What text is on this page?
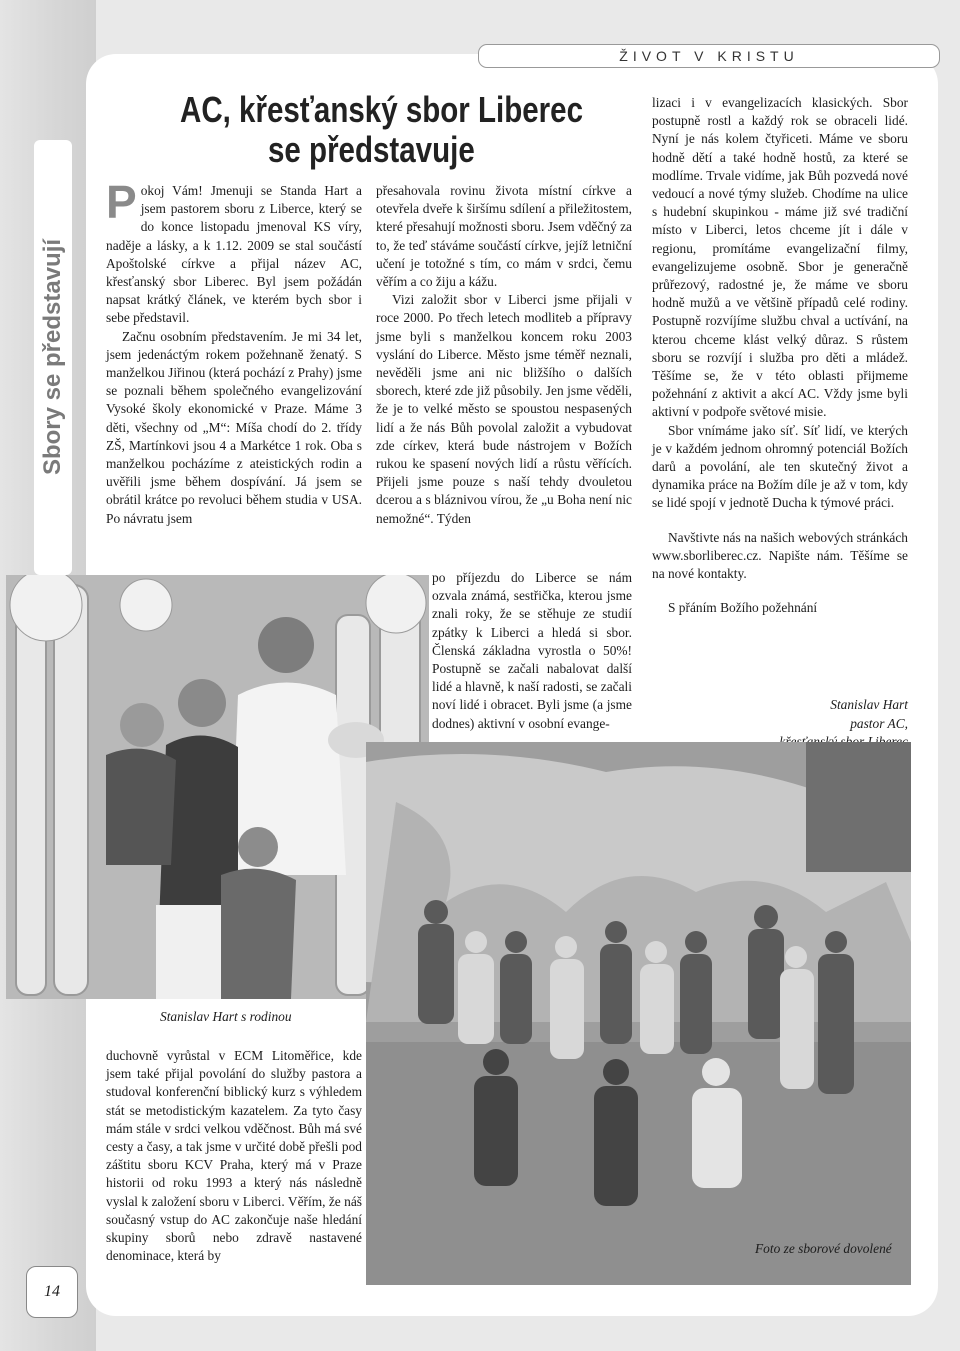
Sbory se představují
ŽIVOT V KRISTU
AC, křesťanský sbor Liberec
se představuje

Pokoj Vám! Jmenuji se Standa Hart a jsem pastorem sboru z Liberce, který se do konce listopadu jmenoval KS víry, naděje a lásky, a k 1.12. 2009 se stal součástí Apoštolské církve a přijal název AC, křesťanský sbor Liberec. Byl jsem požádán napsat krátký článek, ve kterém bych sbor i sebe představil.

Začnu osobním představením. Je mi 34 let, jsem jedenáctým rokem požehnaně ženatý. S manželkou Jiřinou (která pochází z Prahy) jsme se poznali během společného evangelizování Vysoké školy ekonomické v Praze. Máme 3 děti, všechny od „M“: Míša chodí do 2. třídy ZŠ, Martínkovi jsou 4 a Markétce 1 rok. Oba s manželkou pocházíme z ateistických rodin a uvěřili jsme během dospívání. Já jsem se obrátil krátce po revoluci během studia v USA. Po návratu jsem

přesahovala rovinu života místní církve a otevřela dveře k širšímu sdílení a přiležitostem, které přesahují možnosti sboru. Jsem vděčný za to, že teď stáváme součástí církve, jejíž letniční učení je totožné s tím, co mám v srdci, čemu věřím a co žiju a kážu.

Vizi založit sbor v Liberci jsme přijali v roce 2000. Po třech letech modliteb a přípravy jsme byli s manželkou koncem roku 2003 vyslání do Liberce. Město jsme téměř neznali, nevěděli jsme ani nic bližšího o dalších sborech, které zde již působily. Jen jsme věděli, že je to velké město se spoustou nespasených lidí a že nás Bůh povolal založit a vybudovat zde církev, která bude nástrojem v Božích rukou ke spasení nových lidí a růstu věřících. Přijeli jsme pouze s naší tehdy dvouletou dcerou a s bláznivou vírou, že „u Boha není nic nemožné“. Týden

po příjezdu do Liberce se nám ozvala známá, sestřička, kterou jsme znali roky, že se stěhuje ze studií zpátky k Liberci a hledá si sbor. Členská základna vyrostla o 50%! Postupně se začali nabalovat další lidé a hlavně, k naší radosti, se začali noví lidé i obracet. Byli jsme (a jsme dodnes) aktivní v osobní evange-

lizaci i v evangelizacích klasických. Sbor postupně rostl a každý rok se obraceli lidé. Nyní je nás kolem čtyřiceti. Máme ve sboru hodně dětí a také hodně hostů, za které se modlíme. Trvale vidíme, jak Bůh pozvedá nové vedoucí a nové týmy služeb. Chodíme na ulice s hudební skupinkou - máme již své tradiční místo v Liberci, letos chceme jít i dále v regionu, promítáme evangelizační filmy, evangelizujeme osobně. Sbor je generačně průřezový, radostné je, že máme ve sboru hodně mužů a ve většině případů celé rodiny. Postupně rozvíjíme službu chval a uctívání, na kterou chceme klást velký důraz. S růstem sboru se rozvíjí i služba pro děti a mládež. Těšíme se, že v této oblasti přijmeme požehnání z aktivit a akcí AC. Vždy jsme byli aktivní v podpoře světové misie.

Sbor vnímáme jako síť. Síť lidí, ve kterých je v každém jednom ohromný potenciál Božích darů a povolání, ale ten skutečný život a dynamika práce na Božím díle je až v tom, kdy se lidé spojí v jednotě Ducha k týmové práci.

Navštivte nás na našich webových stránkách www.sborliberec.cz. Napište nám. Těšíme se na nové kontakty.

S přáním Božího požehnání

Stanislav Hart
pastor AC,
Stanislav Hart s rodinou

duchovně vyrůstal v ECM Litoměřice, kde jsem také přijal povolání do služby pastora a studoval konferenční biblický kurz s výhledem stát se metodistickým kazatelem. Za tyto časy mám stále v srdci velkou vděčnost. Bůh má své cesty a časy, a tak jsme v určité době přešli pod záštitu sboru KCV Praha, který má v Praze historii od roku 1993 a který nás následně vyslal k založení sboru v Liberci. Věřím, že náš současný vstup do AC zakončuje naše hledání skupiny sborů nebo zdravě nastavené denominace, která by	Foto ze sborové dovolené
14
